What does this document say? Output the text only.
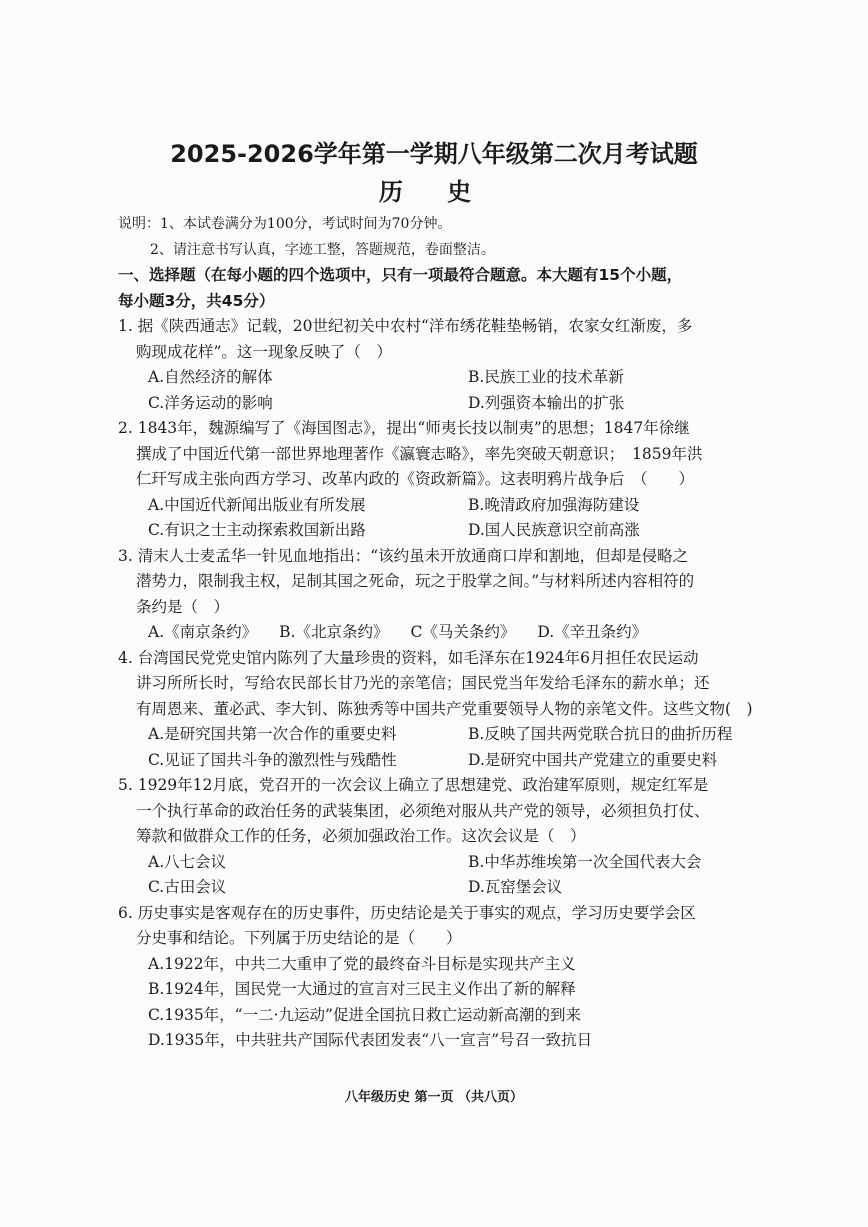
2025-2026学年第一学期八年级第二次月考试题
历 史
说明：1、本试卷满分为100分，考试时间为70分钟。
2、请注意书写认真，字迹工整，答题规范，卷面整洁。
一、选择题（在每小题的四个选项中，只有一项最符合题意。本大题有15个小题，
每小题3分，共45分）
1. 据《陕西通志》记载，20世纪初关中农村“洋布绣花鞋垫畅销，农家女红渐废，多
购现成花样”。这一现象反映了（　）
A.自然经济的解体	B.民族工业的技术革新
C.洋务运动的影响	D.列强资本输出的扩张
2. 1843年，魏源编写了《海国图志》，提出“师夷长技以制夷”的思想；1847年徐继
撰成了中国近代第一部世界地理著作《瀛寰志略》，率先突破天朝意识；　1859年洪
仁玕写成主张向西方学习、改革内政的《资政新篇》。这表明鸦片战争后　（　　）
A.中国近代新闻出版业有所发展	B.晚清政府加强海防建设
C.有识之士主动探索救国新出路	D.国人民族意识空前高涨
3. 清末人士麦孟华一针见血地指出：“该约虽未开放通商口岸和割地，但却是侵略之
潜势力，限制我主权，足制其国之死命，玩之于股掌之间。”与材料所述内容相符的
条约是（　）
A.《南京条约》 B.《北京条约》 C《马关条约》 D.《辛丑条约》
4. 台湾国民党党史馆内陈列了大量珍贵的资料，如毛泽东在1924年6月担任农民运动
讲习所所长时，写给农民部长甘乃光的亲笔信；国民党当年发给毛泽东的薪水单；还
有周恩来、董必武、李大钊、陈独秀等中国共产党重要领导人物的亲笔文件。这些文物(　)
A.是研究国共第一次合作的重要史料	B.反映了国共两党联合抗日的曲折历程
C.见证了国共斗争的激烈性与残酷性	D.是研究中国共产党建立的重要史料
5. 1929年12月底，党召开的一次会议上确立了思想建党、政治建军原则，规定红军是
一个执行革命的政治任务的武装集团，必须绝对服从共产党的领导，必须担负打仗、
筹款和做群众工作的任务，必须加强政治工作。这次会议是（　）
A.八七会议	B.中华苏维埃第一次全国代表大会
C.古田会议	D.瓦窑堡会议
6. 历史事实是客观存在的历史事件，历史结论是关于事实的观点，学习历史要学会区
分史事和结论。下列属于历史结论的是（　　）
A.1922年，中共二大重申了党的最终奋斗目标是实现共产主义
B.1924年，国民党一大通过的宣言对三民主义作出了新的解释
C.1935年，“一二·九运动”促进全国抗日救亡运动新高潮的到来
D.1935年，中共驻共产国际代表团发表“八一宣言”号召一致抗日
八年级历史 第一页 （共八页）
